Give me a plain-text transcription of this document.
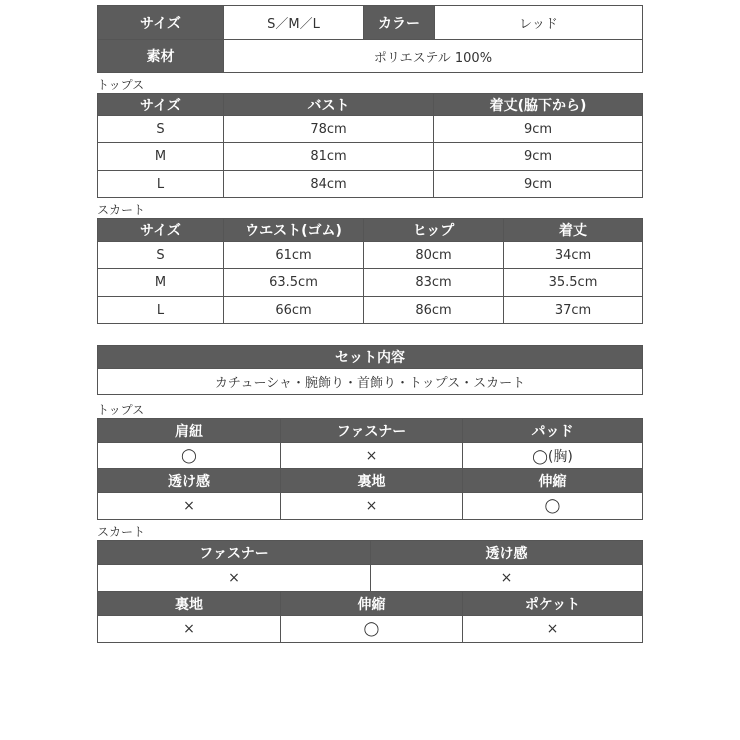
サイズ	S／M／L	カラー	レッド
素材	ポリエステル 100%		
トップス
サイズ	バスト	着丈(脇下から)
S	78cm	9cm
M	81cm	9cm
L	84cm	9cm
スカート
サイズ	ウエスト(ゴム)	ヒップ	着丈
S	61cm	80cm	34cm
M	63.5cm	83cm	35.5cm
L	66cm	86cm	37cm
セット内容
カチューシャ・腕飾り・首飾り・トップス・スカート
トップス
肩紐	ファスナー	パッド
◯	×	◯(胸)
透け感	裏地	伸縮
×	×	◯
スカート
ファスナー	透け感
×	×
裏地	伸縮	ポケット
×	◯	×
